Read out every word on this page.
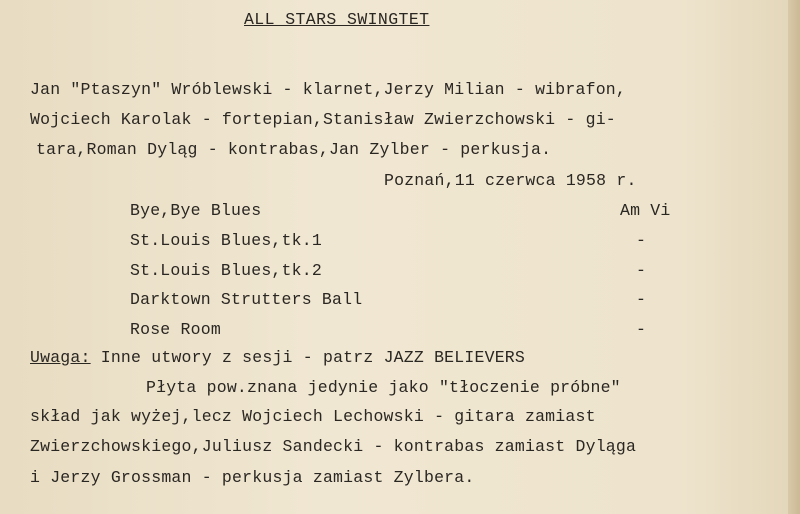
ALL STARS SWINGTET
Jan "Ptaszyn" Wróblewski - klarnet,Jerzy Milian - wibrafon,
Wojciech Karolak - fortepian,Stanisław Zwierzchowski - gi-
tara,Roman Dyląg - kontrabas,Jan Zylber - perkusja.
Poznań,11 czerwca 1958 r.
Bye,Bye Blues	Am Vi
St.Louis Blues,tk.1	-
St.Louis Blues,tk.2	-
Darktown Strutters Ball	-
Rose Room	-
Uwaga: Inne utwory z sesji - patrz JAZZ BELIEVERS
Płyta pow.znana jedynie jako "tłoczenie próbne"
skład jak wyżej,lecz Wojciech Lechowski - gitara zamiast
Zwierzchowskiego,Juliusz Sandecki - kontrabas zamiast Dyląga
i Jerzy Grossman - perkusja zamiast Zylbera.
